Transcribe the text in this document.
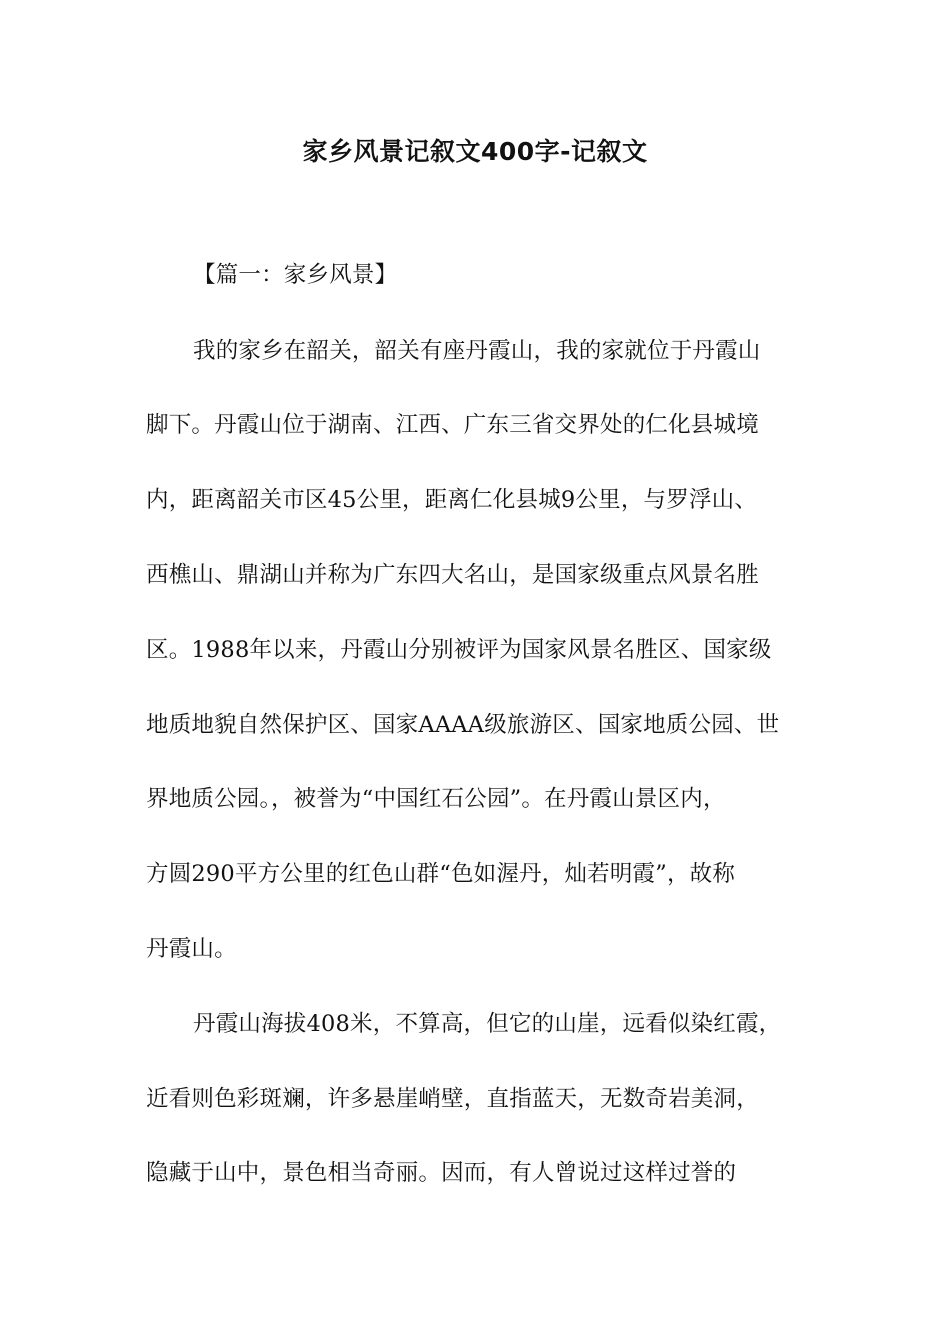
家乡风景记叙文400字-记叙文

【篇一：家乡风景】

我的家乡在韶关，韶关有座丹霞山，我的家就位于丹霞山

脚下。丹霞山位于湖南、江西、广东三省交界处的仁化县城境

内，距离韶关市区45公里，距离仁化县城9公里，与罗浮山、

西樵山、鼎湖山并称为广东四大名山，是国家级重点风景名胜

区。1988年以来，丹霞山分别被评为国家风景名胜区、国家级

地质地貌自然保护区、国家AAAA级旅游区、国家地质公园、世

界地质公园。，被誉为“中国红石公园”。在丹霞山景区内，

方圆290平方公里的红色山群“色如渥丹，灿若明霞”，故称

丹霞山。

丹霞山海拔408米，不算高，但它的山崖，远看似染红霞，

近看则色彩斑斓，许多悬崖峭壁，直指蓝天，无数奇岩美洞，

隐藏于山中，景色相当奇丽。因而，有人曾说过这样过誉的
